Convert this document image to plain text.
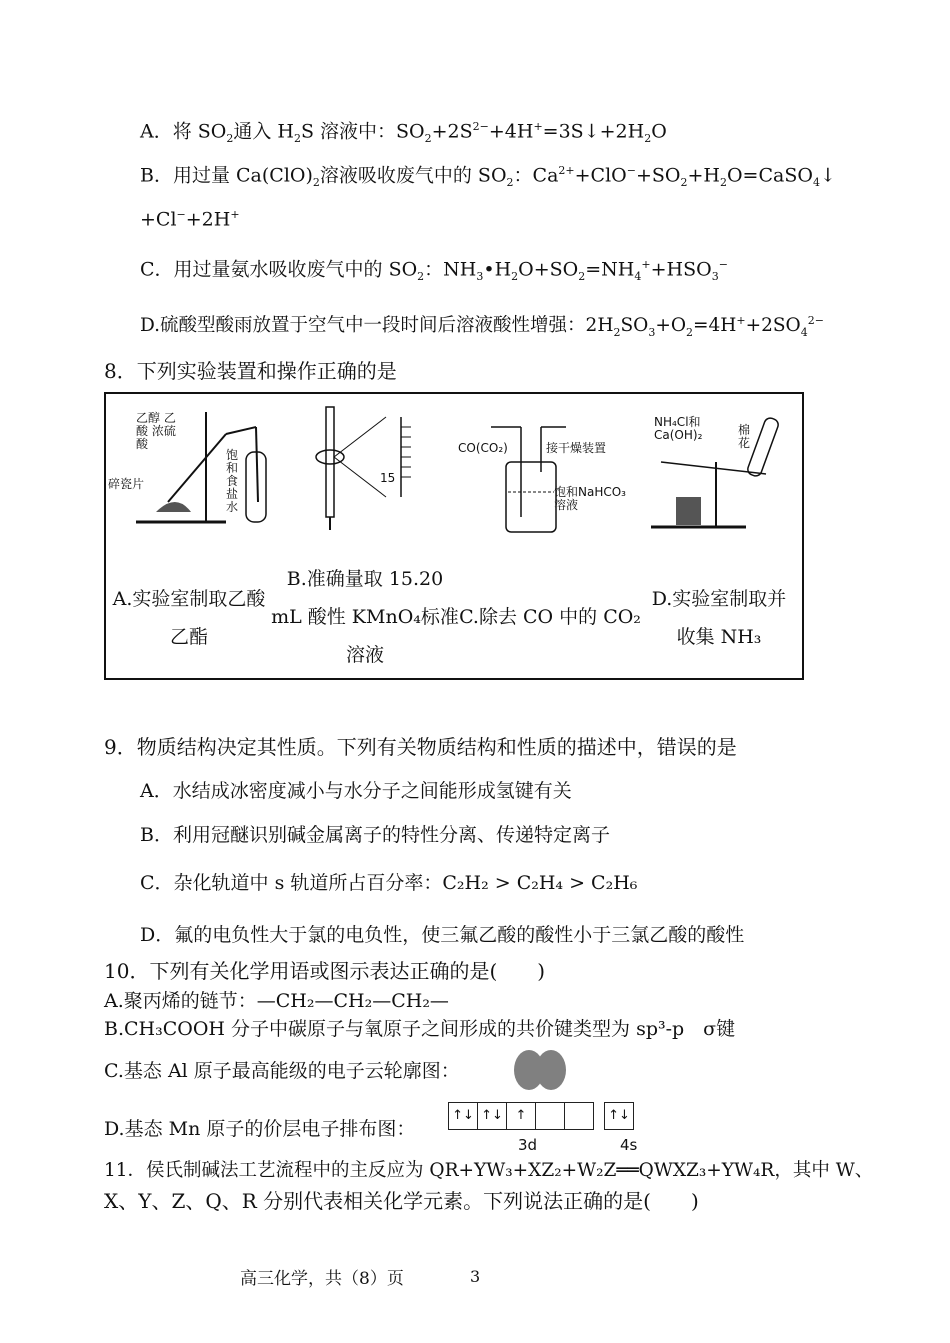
A．将 $SO_2$通入 $H_2S$ 溶液中：$SO_2+2S^{2-}+4H^+=3S↓+2H_2O$
B．用过量 $Ca(ClO)_2$溶液吸收废气中的 $SO_2$：$Ca^{2+}+ClO^-+SO_2+H_2O=CaSO_4↓$
+Cl−+2H+
C．用过量氨水吸收废气中的 $SO_2$：$NH_3•H_2O+SO_2=NH_4^++HSO_3^-$
D.硫酸型酸雨放置于空气中一段时间后溶液酸性增强：$2H_2SO_3+O_2=4H^++2SO_4^{2-}$
8．下列实验装置和操作正确的是
乙醇 乙酸 浓硫酸
碎瓷片
饱和食盐水
15
CO(CO₂)	接干燥装置
饱和NaHCO₃溶液
NH₄Cl和Ca(OH)₂	棉花
A.实验室制取乙酸乙酯
B.准确量取 15.20
mL 酸性 KMnO₄标准
溶液
C.除去 CO 中的 CO₂
D.实验室制取并
收集 NH₃
9．物质结构决定其性质。下列有关物质结构和性质的描述中，错误的是
A．水结成冰密度减小与水分子之间能形成氢键有关
B．利用冠醚识别碱金属离子的特性分离、传递特定离子
C．杂化轨道中 s 轨道所占百分率：C₂H₂ > C₂H₄ > C₂H₆
D．氟的电负性大于氯的电负性，使三氟乙酸的酸性小于三氯乙酸的酸性
10．下列有关化学用语或图示表达正确的是(　　)
A.聚丙烯的链节：—CH₂—CH₂—CH₂—
B.CH₃COOH 分子中碳原子与氧原子之间形成的共价键类型为 sp³-p　σ键
C.基态 Al 原子最高能级的电子云轮廓图：
D.基态 Mn 原子的价层电子排布图：
↑↓ ↑↓ ↑	↑↓
3d	4s
11．侯氏制碱法工艺流程中的主反应为 QR+YW₃+XZ₂+W₂Z══QWXZ₃+YW₄R，其中 W、
X、Y、Z、Q、R 分别代表相关化学元素。下列说法正确的是(　　)
高三化学，共（8）页	3
